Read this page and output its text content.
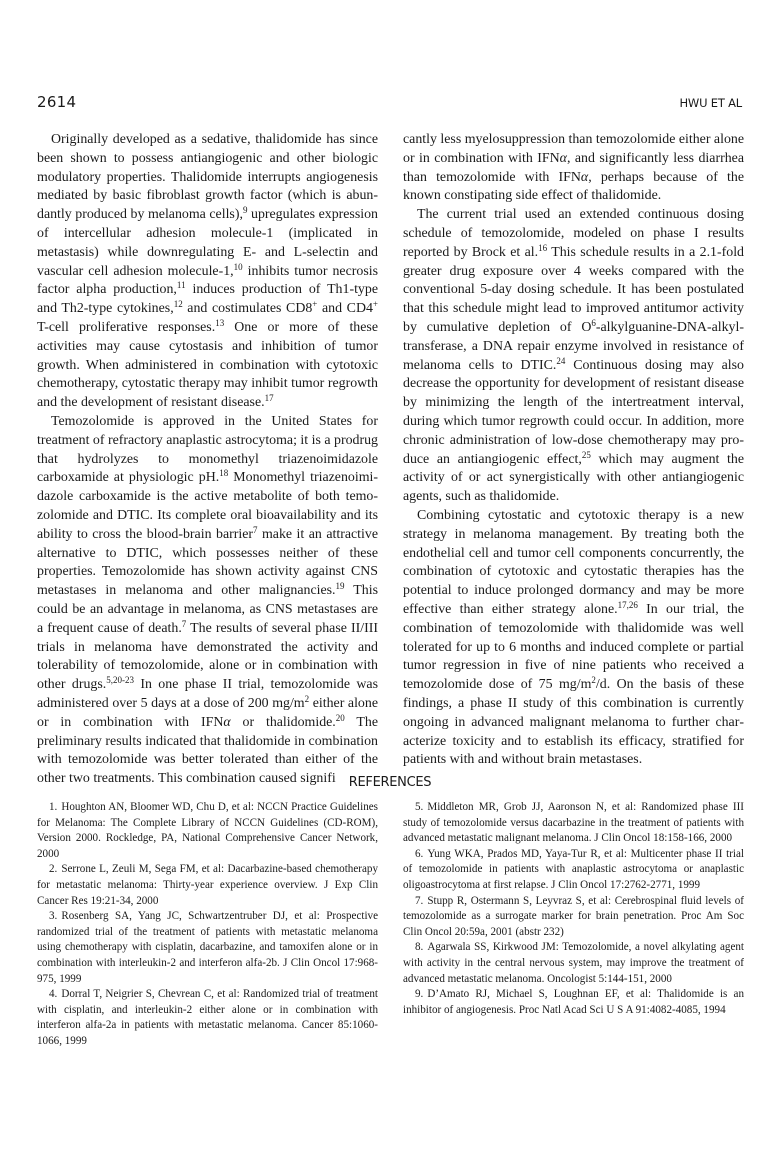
2614	HWU ET AL

Originally developed as a sedative, thalidomide has since been shown to possess antiangiogenic and other biologic modulatory properties. Thalidomide interrupts angiogenesis mediated by basic fibroblast growth factor (which is abundantly produced by melanoma cells),$^9$ upregulates expression of intercellular adhesion molecule-1 (implicated in metastasis) while downregulating E- and L-selectin and vascular cell adhesion molecule-1,10 inhibits tumor necrosis factor alpha production,$^{11}$ induces production of Th1-type and Th2-type cytokines,$^{12}$ and costimulates CD8+ and CD4+ T-cell proliferative responses.$^{13}$ One or more of these activities may cause cytostasis and inhibition of tumor growth. When administered in combination with cytotoxic chemotherapy, cytostatic therapy may inhibit tumor regrowth and the development of resistant disease.$^{17}$

Temozolomide is approved in the United States for treatment of refractory anaplastic astrocytoma; it is a prodrug that hydrolyzes to monomethyl triazenoimidazole carboxamide at physiologic pH.$^{18}$ Monomethyl triazenoimidazole carboxamide is the active metabolite of both temozolomide and DTIC. Its complete oral bioavailability and its ability to cross the blood-brain barrier$^7$ make it an attractive alternative to DTIC, which possesses neither of these properties. Temozolomide has shown activity against CNS metastases in melanoma and other malignancies.$^{19}$ This could be an advantage in melanoma, as CNS metastases are a frequent cause of death.$^7$ The results of several phase II/III trials in melanoma have demonstrated the activity and tolerability of temozolomide, alone or in combination with other drugs.$^{5,20-23}$ In one phase II trial, temozolomide was administered over 5 days at a dose of 200 $mg/m^2$ either alone or in combination with IFNα or thalidomide.$^{20}$ The preliminary results indicated that thalidomide in combination with temozolomide was better tolerated than either of the other two treatments. This combination caused signifi

cantly less myelosuppression than temozolomide either alone or in combination with IFNα, and significantly less diarrhea than temozolomide with IFNα, perhaps because of the known constipating side effect of thalidomide.

The current trial used an extended continuous dosing schedule of temozolomide, modeled on phase I results reported by Brock et al.$^{16}$ This schedule results in a 2.1-fold greater drug exposure over 4 weeks compared with the conventional 5-day dosing schedule. It has been postulated that this schedule might lead to improved antitumor activity by cumulative depletion of $O^6-alkylguanine-DNA$-alkyltransferase, a DNA repair enzyme involved in resistance of melanoma cells to DTIC.$^{24}$ Continuous dosing may also decrease the opportunity for development of resistant disease by minimizing the length of the intertreatment interval, during which tumor regrowth could occur. In addition, more chronic administration of low-dose chemotherapy may produce an antiangiogenic effect,$^{25}$ which may augment the activity of or act synergistically with other antiangiogenic agents, such as thalidomide.

Combining cytostatic and cytotoxic therapy is a new strategy in melanoma management. By treating both the endothelial cell and tumor cell components concurrently, the combination of cytotoxic and cytostatic therapies has the potential to induce prolonged dormancy and may be more effective than either strategy alone.$^{17,26}$ In our trial, the combination of temozolomide with thalidomide was well tolerated for up to 6 months and induced complete or partial tumor regression in five of nine patients who received a temozolomide dose of 75 $mg/m^2/d$. On the basis of these findings, a phase II study of this combination is currently ongoing in advanced malignant melanoma to further characterize toxicity and to establish its efficacy, stratified for patients with and without brain metastases.

REFERENCES

1. Houghton AN, Bloomer WD, Chu D, et al: NCCN Practice Guidelines for Melanoma: The Complete Library of NCCN Guidelines (CD-ROM), Version 2000. Rockledge, PA, National Comprehensive Cancer Network, 2000

2. Serrone L, Zeuli M, Sega FM, et al: Dacarbazine-based chemotherapy for metastatic melanoma: Thirty-year experience overview. J Exp Clin Cancer Res 19:21-34, 2000

3. Rosenberg SA, Yang JC, Schwartzentruber DJ, et al: Prospective randomized trial of the treatment of patients with metastatic melanoma using chemotherapy with cisplatin, dacarbazine, and tamoxifen alone or in combination with interleukin-2 and interferon alfa-2b. J Clin Oncol 17:968-975, 1999

4. Dorral T, Neigrier S, Chevrean C, et al: Randomized trial of treatment with cisplatin, and interleukin-2 either alone or in combination with interferon alfa-2a in patients with metastatic melanoma. Cancer 85:1060-1066, 1999

5. Middleton MR, Grob JJ, Aaronson N, et al: Randomized phase III study of temozolomide versus dacarbazine in the treatment of patients with advanced metastatic malignant melanoma. J Clin Oncol 18:158-166, 2000

6. Yung WKA, Prados MD, Yaya-Tur R, et al: Multicenter phase II trial of temozolomide in patients with anaplastic astrocytoma or anaplastic oligoastrocytoma at first relapse. J Clin Oncol 17:2762-2771, 1999

7. Stupp R, Ostermann S, Leyvraz S, et al: Cerebrospinal fluid levels of temozolomide as a surrogate marker for brain penetration. Proc Am Soc Clin Oncol 20:59a, 2001 (abstr 232)

8. Agarwala SS, Kirkwood JM: Temozolomide, a novel alkylating agent with activity in the central nervous system, may improve the treatment of advanced metastatic melanoma. Oncologist 5:144-151, 2000

9. D’Amato RJ, Michael S, Loughnan EF, et al: Thalidomide is an inhibitor of angiogenesis. Proc Natl Acad Sci U S A 91:4082-4085, 1994
